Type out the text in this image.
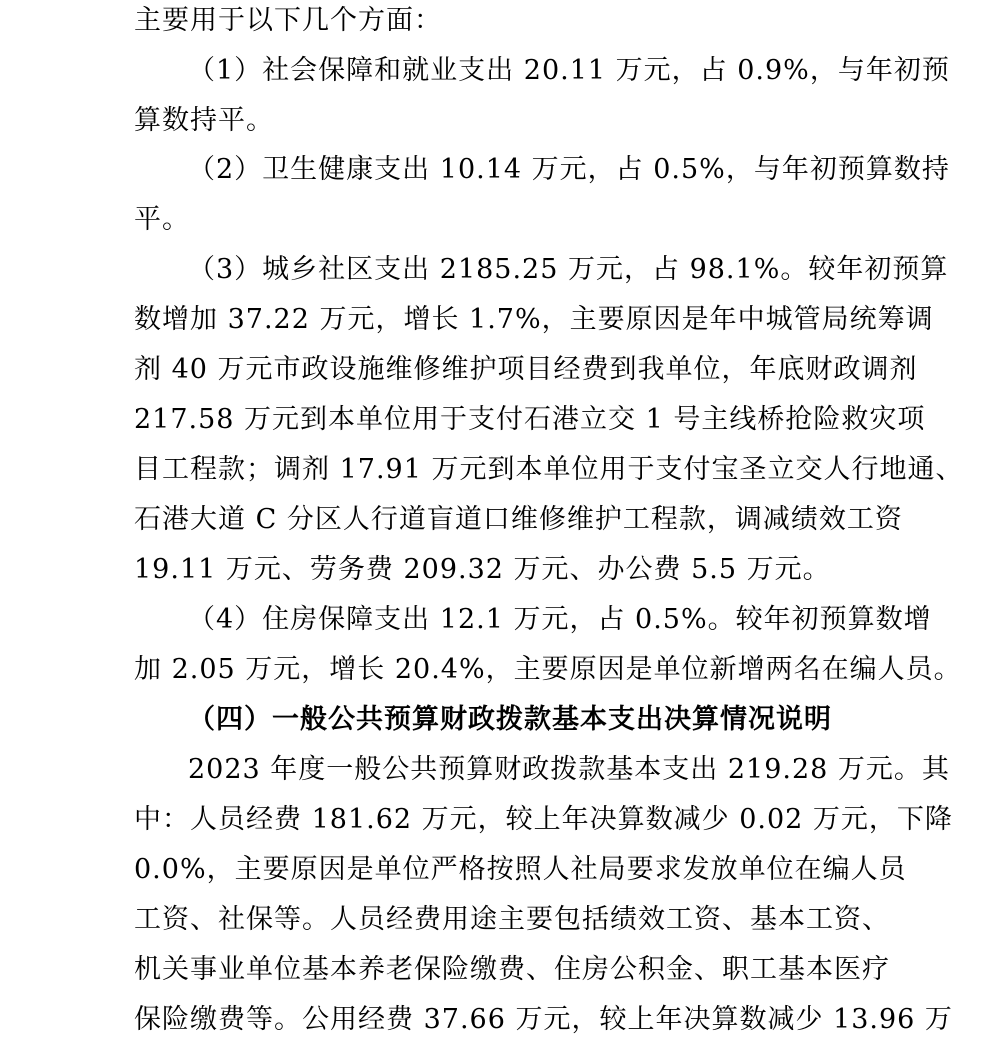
主要用于以下几个方面：
（1）社会保障和就业支出 20.11 万元，占 0.9%，与年初预
算数持平。
（2）卫生健康支出 10.14 万元，占 0.5%，与年初预算数持
平。
（3）城乡社区支出 2185.25 万元，占 98.1%。较年初预算
数增加 37.22 万元，增长 1.7%，主要原因是年中城管局统筹调
剂 40 万元市政设施维修维护项目经费到我单位，年底财政调剂
217.58 万元到本单位用于支付石港立交 1 号主线桥抢险救灾项
目工程款；调剂 17.91 万元到本单位用于支付宝圣立交人行地通、
石港大道 C 分区人行道盲道口维修维护工程款，调减绩效工资
19.11 万元、劳务费 209.32 万元、办公费 5.5 万元。
（4）住房保障支出 12.1 万元，占 0.5%。较年初预算数增
加 2.05 万元，增长 20.4%，主要原因是单位新增两名在编人员。
（四）一般公共预算财政拨款基本支出决算情况说明
2023 年度一般公共预算财政拨款基本支出 219.28 万元。其
中：人员经费 181.62 万元，较上年决算数减少 0.02 万元，下降
0.0%，主要原因是单位严格按照人社局要求发放单位在编人员
工资、社保等。人员经费用途主要包括绩效工资、基本工资、
机关事业单位基本养老保险缴费、住房公积金、职工基本医疗
保险缴费等。公用经费 37.66 万元，较上年决算数减少 13.96 万
